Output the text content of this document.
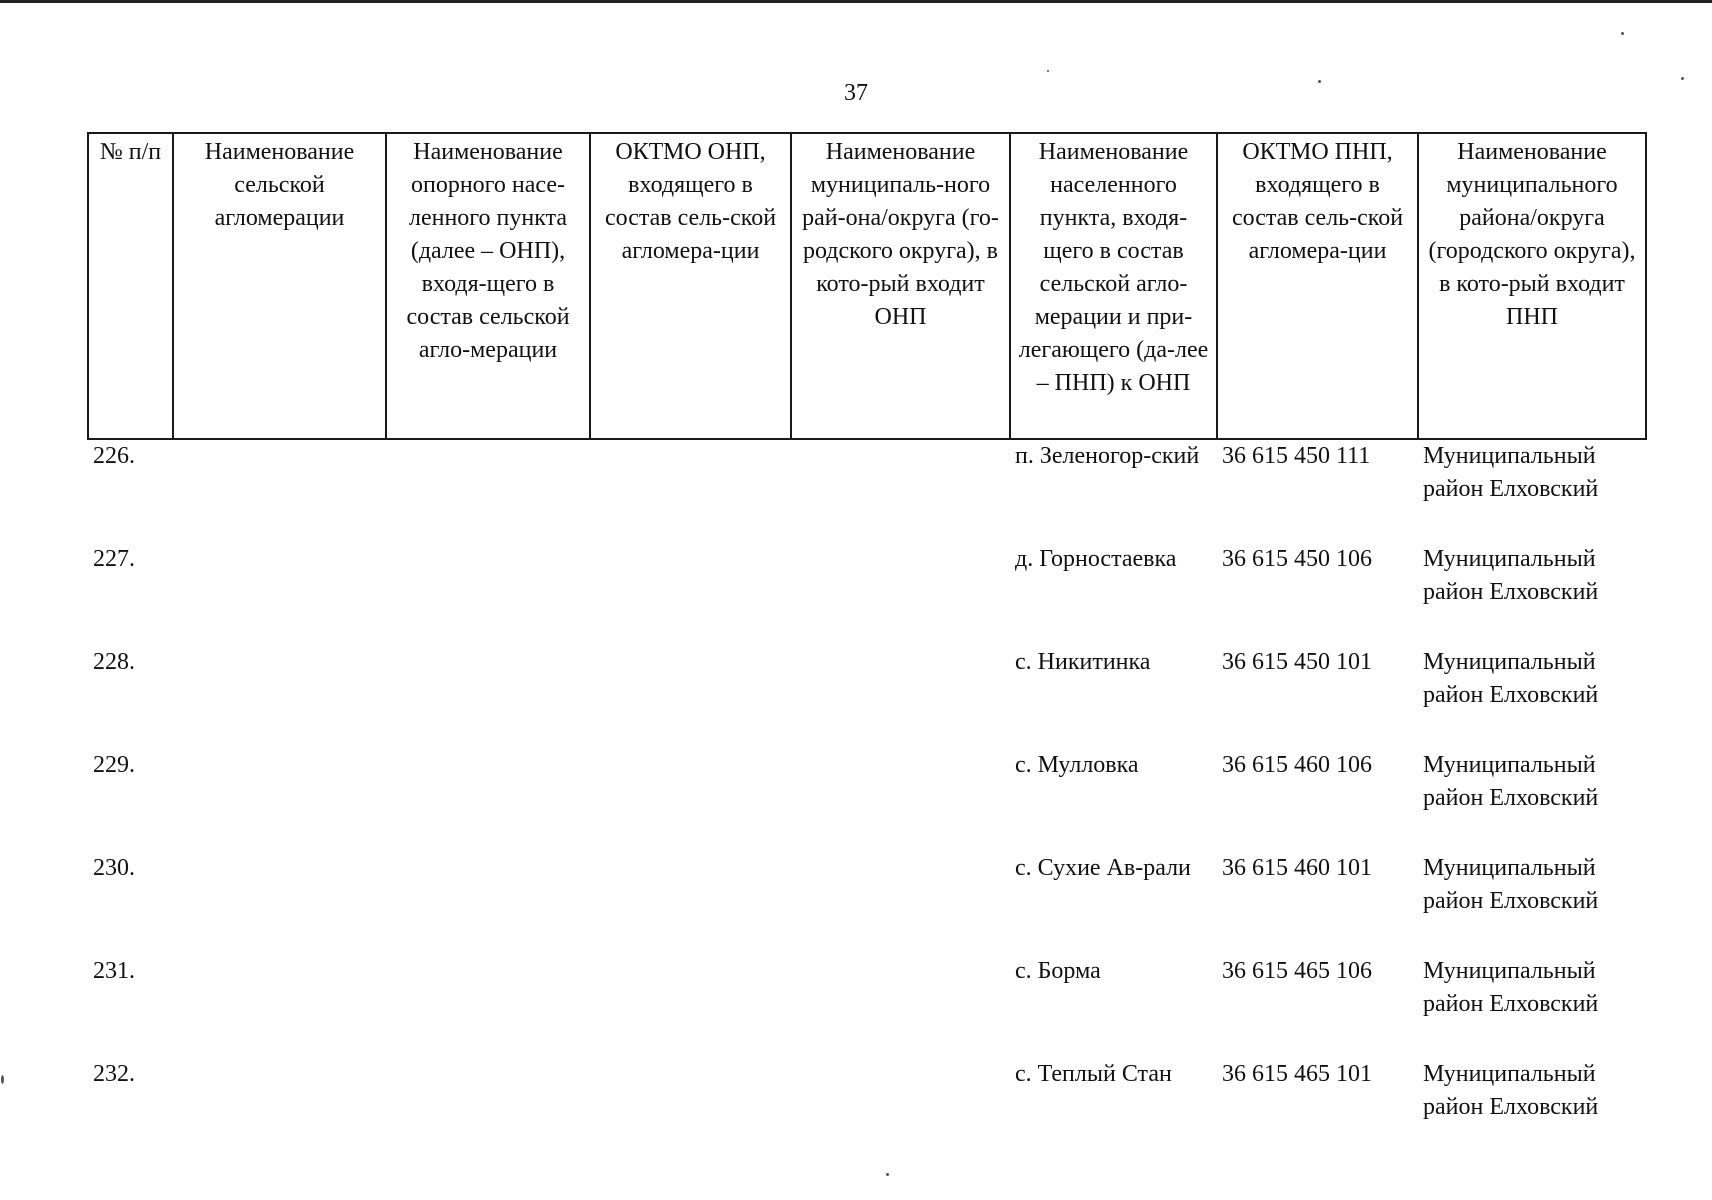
37
№ п/п	Наименование сельской агломерации	Наименование опорного насе-ленного пункта (далее – ОНП), входя-щего в состав сельской агло-мерации	ОКТМО ОНП, входящего в состав сель-ской агломера-ции	Наименование муниципаль-ного рай-она/округа (го-родского округа), в кото-рый входит ОНП	Наименование населенного пункта, входя-щего в состав сельской агло-мерации и при-легающего (да-лее – ПНП) к ОНП	ОКТМО ПНП, входящего в состав сель-ской агломера-ции	Наименование муниципального района/округа (городского округа), в кото-рый входит ПНП
226.					п. Зеленогор-ский	36 615 450 111	Муниципальный район Елховский
227.					д. Горностаевка	36 615 450 106	Муниципальный район Елховский
228.					с. Никитинка	36 615 450 101	Муниципальный район Елховский
229.					с. Мулловка	36 615 460 106	Муниципальный район Елховский
230.					с. Сухие Ав-рали	36 615 460 101	Муниципальный район Елховский
231.					с. Борма	36 615 465 106	Муниципальный район Елховский
232.					с. Теплый Стан	36 615 465 101	Муниципальный район Елховский
